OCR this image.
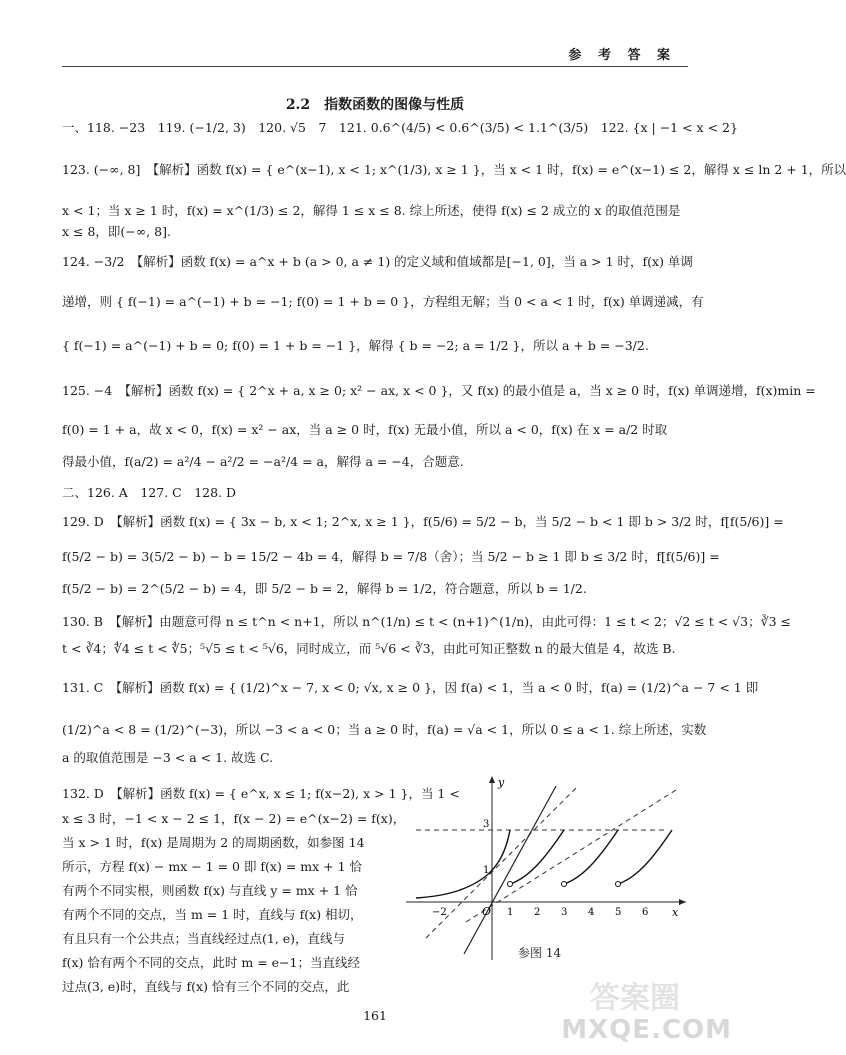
参 考 答 案
2.2　指数函数的图像与性质
一、118. −23　119. (−1/2, 3)　120. √5　7　121. 0.6^(4/5) < 0.6^(3/5) < 1.1^(3/5)　122. {x | −1 < x < 2}
123. (−∞, 8]　【解析】函数 f(x) = { e^(x−1), x < 1; x^(1/3), x ≥ 1 }，当 x < 1 时，f(x) = e^(x−1) ≤ 2，解得 x ≤ ln 2 + 1，所以
x < 1；当 x ≥ 1 时，f(x) = x^(1/3) ≤ 2，解得 1 ≤ x ≤ 8. 综上所述，使得 f(x) ≤ 2 成立的 x 的取值范围是
x ≤ 8，即(−∞, 8].
124. −3/2　【解析】函数 f(x) = a^x + b (a > 0, a ≠ 1) 的定义域和值域都是[−1, 0]，当 a > 1 时，f(x) 单调
递增，则 { f(−1) = a^(−1) + b = −1; f(0) = 1 + b = 0 }，方程组无解；当 0 < a < 1 时，f(x) 单调递减，有
{ f(−1) = a^(−1) + b = 0; f(0) = 1 + b = −1 }，解得 { b = −2; a = 1/2 }，所以 a + b = −3/2.
125. −4　【解析】函数 f(x) = { 2^x + a, x ≥ 0; x² − ax, x < 0 }，又 f(x) 的最小值是 a，当 x ≥ 0 时，f(x) 单调递增，f(x)min =
f(0) = 1 + a，故 x < 0，f(x) = x² − ax，当 a ≥ 0 时，f(x) 无最小值，所以 a < 0，f(x) 在 x = a/2 时取
得最小值，f(a/2) = a²/4 − a²/2 = −a²/4 = a，解得 a = −4，合题意.
二、126. A　127. C　128. D
129. D　【解析】函数 f(x) = { 3x − b, x < 1; 2^x, x ≥ 1 }，f(5/6) = 5/2 − b，当 5/2 − b < 1 即 b > 3/2 时，f[f(5/6)] =
f(5/2 − b) = 3(5/2 − b) − b = 15/2 − 4b = 4，解得 b = 7/8（舍）；当 5/2 − b ≥ 1 即 b ≤ 3/2 时，f[f(5/6)] =
f(5/2 − b) = 2^(5/2 − b) = 4，即 5/2 − b = 2，解得 b = 1/2，符合题意，所以 b = 1/2.
130. B　【解析】由题意可得 n ≤ t^n < n+1，所以 n^(1/n) ≤ t < (n+1)^(1/n)，由此可得：1 ≤ t < 2；√2 ≤ t < √3；∛3 ≤
t < ∛4；∜4 ≤ t < ∜5；⁵√5 ≤ t < ⁵√6，同时成立，而 ⁵√6 < ∛3，由此可知正整数 n 的最大值是 4，故选 B.
131. C　【解析】函数 f(x) = { (1/2)^x − 7, x < 0; √x, x ≥ 0 }，因 f(a) < 1，当 a < 0 时，f(a) = (1/2)^a − 7 < 1 即
(1/2)^a < 8 = (1/2)^(−3)，所以 −3 < a < 0；当 a ≥ 0 时，f(a) = √a < 1，所以 0 ≤ a < 1. 综上所述，实数
a 的取值范围是 −3 < a < 1. 故选 C.
132. D　【解析】函数 f(x) = { e^x, x ≤ 1; f(x−2), x > 1 }，当 1 <
x ≤ 3 时，−1 < x − 2 ≤ 1，f(x − 2) = e^(x−2) = f(x)，
当 x > 1 时，f(x) 是周期为 2 的周期函数，如参图 14
所示，方程 f(x) − mx − 1 = 0 即 f(x) = mx + 1 恰
有两个不同实根，则函数 f(x) 与直线 y = mx + 1 恰
有两个不同的交点，当 m = 1 时，直线与 f(x) 相切，
有且只有一个公共点；当直线经过点(1, e)，直线与
f(x) 恰有两个不同的交点，此时 m = e−1；当直线经
过点(3, e)时，直线与 f(x) 恰有三个不同的交点，此
y
x
O
1
3
−2	1 2 3 4 5 6
参图 14
161	答案圈
MXQE.COM
